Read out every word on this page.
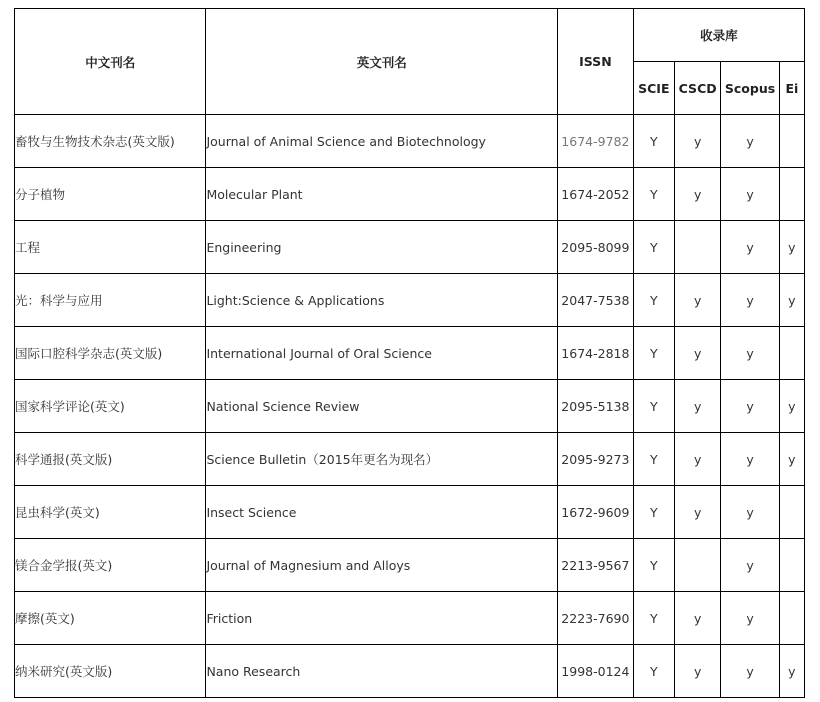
中文刊名	英文刊名	ISSN	收录库			
			SCIE	CSCD	Scopus	Ei
畜牧与生物技术杂志(英文版)	Journal of Animal Science and Biotechnology	1674-9782	Y	y	y	
分子植物	Molecular Plant	1674-2052	Y	y	y	
工程	Engineering	2095-8099	Y		y	y
光：科学与应用	Light:Science & Applications	2047-7538	Y	y	y	y
国际口腔科学杂志(英文版)	International Journal of Oral Science	1674-2818	Y	y	y	
国家科学评论(英文)	National Science Review	2095-5138	Y	y	y	y
科学通报(英文版)	Science Bulletin（2015年更名为现名）	2095-9273	Y	y	y	y
昆虫科学(英文)	Insect Science	1672-9609	Y	y	y	
镁合金学报(英文)	Journal of Magnesium and Alloys	2213-9567	Y		y	
摩擦(英文)	Friction	2223-7690	Y	y	y	
纳米研究(英文版)	Nano Research	1998-0124	Y	y	y	y
